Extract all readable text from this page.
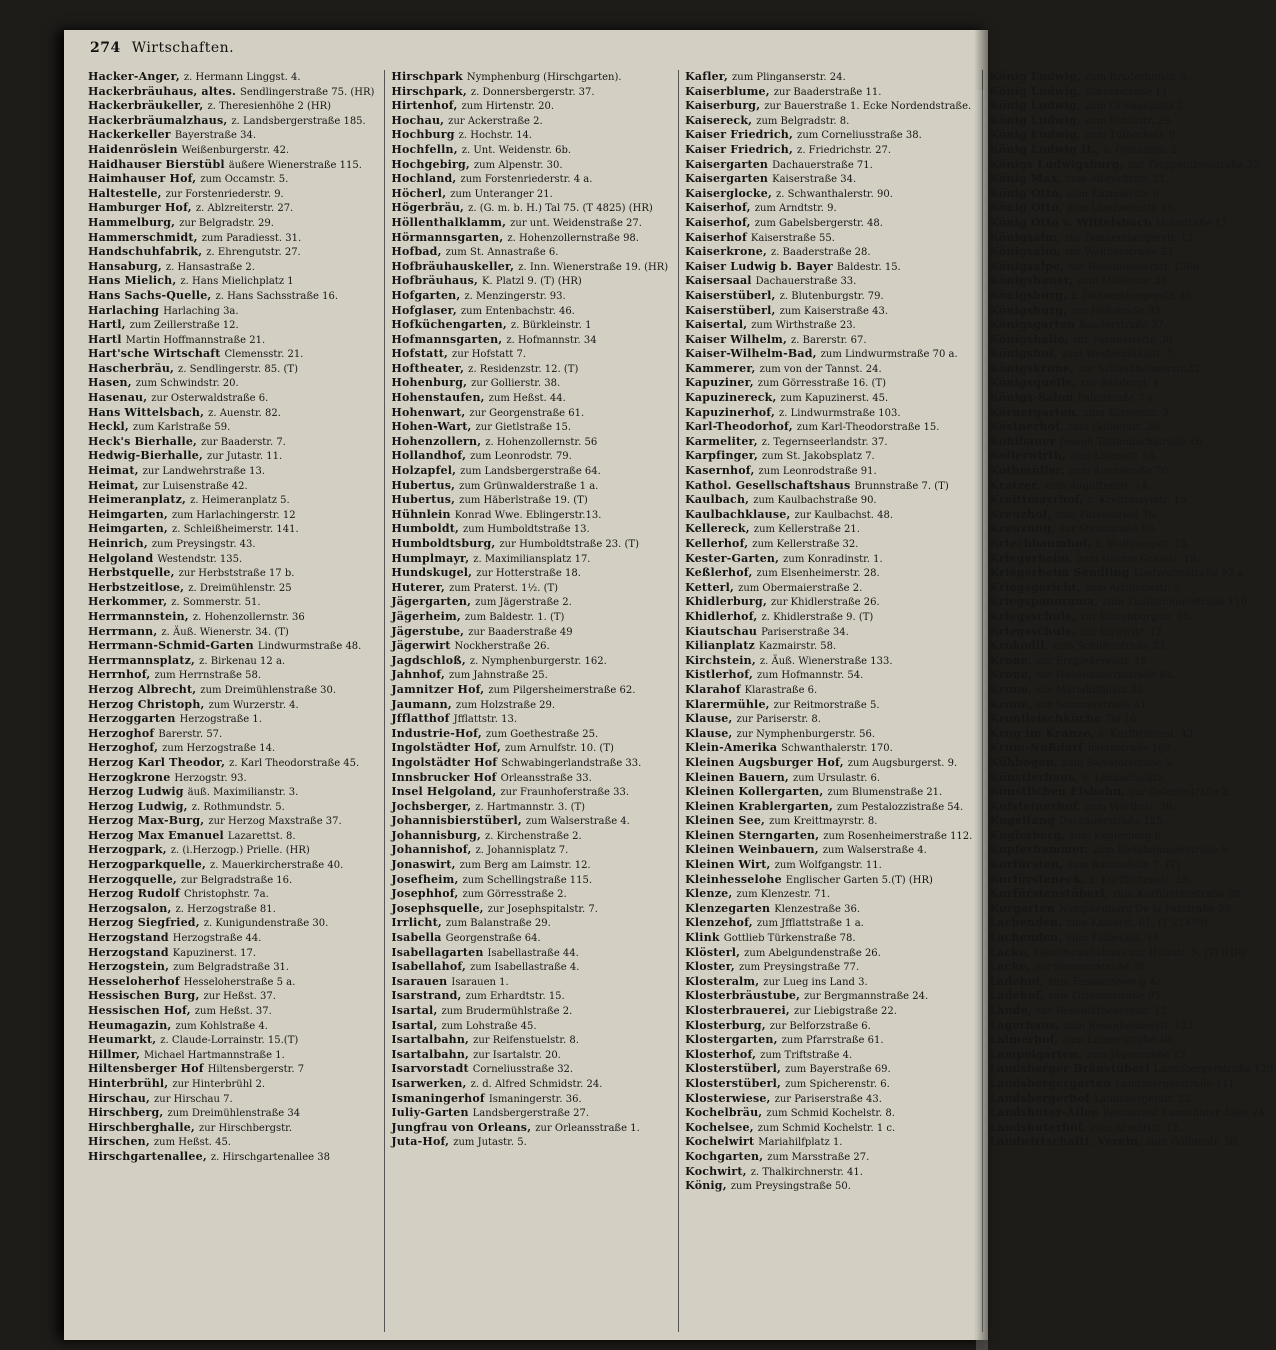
274 Wirtschaften.
Hacker-Anger, z. Hermann Linggst. 4.
Hackerbräuhaus, altes. Sendlingerstraße 75. (HR)
Hackerbräukeller, z. Theresienhöhe 2 (HR)
Hackerbräumalzhaus, z. Landsbergerstraße 185.
Hackerkeller Bayerstraße 34.
Haidenröslein Weißenburgerstr. 42.
Haidhauser Bierstübl äußere Wienerstraße 115.
Haimhauser Hof, zum Occamstr. 5.
Haltestelle, zur Forstenriederstr. 9.
Hamburger Hof, z. Ablzreiterstr. 27.
Hammelburg, zur Belgradstr. 29.
Hammerschmidt, zum Paradiesst. 31.
Handschuhfabrik, z. Ehrengutstr. 27.
Hansaburg, z. Hansastraße 2.
Hans Mielich, z. Hans Mielichplatz 1
Hans Sachs-Quelle, z. Hans Sachsstraße 16.
Harlaching Harlaching 3a.
Hartl, zum Zeillerstraße 12.
Hartl Martin Hoffmannstraße 21.
Hart'sche Wirtschaft Clemensstr. 21.
Hascherbräu, z. Sendlingerstr. 85. (T)
Hasen, zum Schwindstr. 20.
Hasenau, zur Osterwaldstraße 6.
Hans Wittelsbach, z. Auenstr. 82.
Heckl, zum Karlstraße 59.
Heck's Bierhalle, zur Baaderstr. 7.
Hedwig-Bierhalle, zur Jutastr. 11.
Heimat, zur Landwehrstraße 13.
Heimat, zur Luisenstraße 42.
Heimeranplatz, z. Heimeranplatz 5.
Heimgarten, zum Harlachingerstr. 12
Heimgarten, z. Schleißheimerstr. 141.
Heinrich, zum Preysingstr. 43.
Helgoland Westendstr. 135.
Herbstquelle, zur Herbststraße 17 b.
Herbstzeitlose, z. Dreimühlenstr. 25
Herkommer, z. Sommerstr. 51.
Herrmannstein, z. Hohenzollernstr. 36
Herrmann, z. Äuß. Wienerstr. 34. (T)
Herrmann-Schmid-Garten Lindwurmstraße 48.
Herrmannsplatz, z. Birkenau 12 a.
Herrnhof, zum Herrnstraße 58.
Herzog Albrecht, zum Dreimühlenstraße 30.
Herzog Christoph, zum Wurzerstr. 4.
Herzoggarten Herzogstraße 1.
Herzoghof Barerstr. 57.
Herzoghof, zum Herzogstraße 14.
Herzog Karl Theodor, z. Karl Theodorstraße 45.
Herzogkrone Herzogstr. 93.
Herzog Ludwig äuß. Maximilianstr. 3.
Herzog Ludwig, z. Rothmundstr. 5.
Herzog Max-Burg, zur Herzog Maxstraße 37.
Herzog Max Emanuel Lazarettst. 8.
Herzogpark, z. (i.Herzogp.) Prielle. (HR)
Herzogparkquelle, z. Mauerkircherstraße 40.
Herzogquelle, zur Belgradstraße 16.
Herzog Rudolf Christophstr. 7a.
Herzogsalon, z. Herzogstraße 81.
Herzog Siegfried, z. Kunigundenstraße 30.
Herzogstand Herzogstraße 44.
Herzogstand Kapuzinerst. 17.
Herzogstein, zum Belgradstraße 31.
Hesseloherhof Hesseloherstraße 5 a.
Hessischen Burg, zur Heßst. 37.
Hessischen Hof, zum Heßst. 37.
Heumagazin, zum Kohlstraße 4.
Heumarkt, z. Claude-Lorrainstr. 15.(T)
Hillmer, Michael Hartmannstraße 1.
Hiltensberger Hof Hiltensbergerstr. 7
Hinterbrühl, zur Hinterbrühl 2.
Hirschau, zur Hirschau 7.
Hirschberg, zum Dreimühlenstraße 34
Hirschberghalle, zur Hirschbergstr.
Hirschen, zum Heßst. 45.
Hirschgartenallee, z. Hirschgartenallee 38
Hirschpark Nymphenburg (Hirschgarten).
Hirschpark, z. Donnersbergerstr. 37.
Hirtenhof, zum Hirtenstr. 20.
Hochau, zur Ackerstraße 2.
Hochburg z. Hochstr. 14.
Hochfelln, z. Unt. Weidenstr. 6b.
Hochgebirg, zum Alpenstr. 30.
Hochland, zum Forstenriederstr. 4 a.
Höcherl, zum Unteranger 21.
Högerbräu, z. (G. m. b. H.) Tal 75. (T 4825) (HR)
Höllenthalklamm, zur unt. Weidenstraße 27.
Hörmannsgarten, z. Hohenzollernstraße 98.
Hofbad, zum St. Annastraße 6.
Hofbräuhauskeller, z. Inn. Wienerstraße 19. (HR)
Hofbräuhaus, K. Platzl 9. (T) (HR)
Hofgarten, z. Menzingerstr. 93.
Hofglaser, zum Entenbachstr. 46.
Hofküchengarten, z. Bürkleinstr. 1
Hofmannsgarten, z. Hofmannstr. 34
Hofstatt, zur Hofstatt 7.
Hoftheater, z. Residenzstr. 12. (T)
Hohenburg, zur Gollierstr. 38.
Hohenstaufen, zum Heßst. 44.
Hohenwart, zur Georgenstraße 61.
Hohen-Wart, zur Gietlstraße 15.
Hohenzollern, z. Hohenzollernstr. 56
Hollandhof, zum Leonrodstr. 79.
Holzapfel, zum Landsbergerstraße 64.
Hubertus, zum Grünwalderstraße 1 a.
Hubertus, zum Häberlstraße 19. (T)
Hühnlein Konrad Wwe. Eblingerstr.13.
Humboldt, zum Humboldtstraße 13.
Humboldtsburg, zur Humboldtstraße 23. (T)
Humplmayr, z. Maximiliansplatz 17.
Hundskugel, zur Hotterstraße 18.
Huterer, zum Praterst. 1½. (T)
Jägergarten, zum Jägerstraße 2.
Jägerheim, zum Baldestr. 1. (T)
Jägerstube, zur Baaderstraße 49
Jägerwirt Nockherstraße 26.
Jagdschloß, z. Nymphenburgerstr. 162.
Jahnhof, zum Jahnstraße 25.
Jamnitzer Hof, zum Pilgersheimerstraße 62.
Jaumann, zum Holzstraße 29.
Jfflatthof Jfflattstr. 13.
Industrie-Hof, zum Goethestraße 25.
Ingolstädter Hof, zum Arnulfstr. 10. (T)
Ingolstädter Hof Schwabingerlandstraße 33.
Innsbrucker Hof Orleansstraße 33.
Insel Helgoland, zur Fraunhoferstraße 33.
Jochsberger, z. Hartmannstr. 3. (T)
Johannisbierstüberl, zum Walserstraße 4.
Johannisburg, z. Kirchenstraße 2.
Johannishof, z. Johannisplatz 7.
Jonaswirt, zum Berg am Laimstr. 12.
Josefheim, zum Schellingstraße 115.
Josephhof, zum Görresstraße 2.
Josephsquelle, zur Josephspitalstr. 7.
Irrlicht, zum Balanstraße 29.
Isabella Georgenstraße 64.
Isabellagarten Isabellastraße 44.
Isabellahof, zum Isabellastraße 4.
Isarauen Isarauen 1.
Isarstrand, zum Erhardtstr. 15.
Isartal, zum Brudermühlstraße 2.
Isartal, zum Lohstraße 45.
Isartalbahn, zur Reifenstuelstr. 8.
Isartalbahn, zur Isartalstr. 20.
Isarvorstadt Corneliusstraße 32.
Isarwerken, z. d. Alfred Schmidstr. 24.
Ismaningerhof Ismaningerstr. 36.
Iuliy-Garten Landsbergerstraße 27.
Jungfrau von Orleans, zur Orleansstraße 1.
Juta-Hof, zum Jutastr. 5.
Kafler, zum Plinganserstr. 24.
Kaiserblume, zur Baaderstraße 11.
Kaiserburg, zur Bauerstraße 1. Ecke Nordendstraße.
Kaisereck, zum Belgradstr. 8.
Kaiser Friedrich, zum Corneliusstraße 38.
Kaiser Friedrich, z. Friedrichstr. 27.
Kaisergarten Dachauerstraße 71.
Kaisergarten Kaiserstraße 34.
Kaiserglocke, z. Schwanthalerstr. 90.
Kaiserhof, zum Arndtstr. 9.
Kaiserhof, zum Gabelsbergerstr. 48.
Kaiserhof Kaiserstraße 55.
Kaiserkrone, z. Baaderstraße 28.
Kaiser Ludwig b. Bayer Baldestr. 15.
Kaisersaal Dachauerstraße 33.
Kaiserstüberl, z. Blutenburgstr. 79.
Kaiserstüberl, zum Kaiserstraße 43.
Kaisertal, zum Wirthstraße 23.
Kaiser Wilhelm, z. Barerstr. 67.
Kaiser-Wilhelm-Bad, zum Lindwurmstraße 70 a.
Kammerer, zum von der Tannst. 24.
Kapuziner, zum Görresstraße 16. (T)
Kapuzinereck, zum Kapuzinerst. 45.
Kapuzinerhof, z. Lindwurmstraße 103.
Karl-Theodorhof, zum Karl-Theodorstraße 15.
Karmeliter, z. Tegernseerlandstr. 37.
Karpfinger, zum St. Jakobsplatz 7.
Kasernhof, zum Leonrodstraße 91.
Kathol. Gesellschaftshaus Brunnstraße 7. (T)
Kaulbach, zum Kaulbachstraße 90.
Kaulbachklause, zur Kaulbachst. 48.
Kellereck, zum Kellerstraße 21.
Kellerhof, zum Kellerstraße 32.
Kester-Garten, zum Konradinstr. 1.
Keßlerhof, zum Elsenheimerstr. 28.
Ketterl, zum Obermaierstraße 2.
Khidlerburg, zur Khidlerstraße 26.
Khidlerhof, z. Khidlerstraße 9. (T)
Kiautschau Pariserstraße 34.
Kilianplatz Kazmairstr. 58.
Kirchstein, z. Äuß. Wienerstraße 133.
Kistlerhof, zum Hofmannstr. 54.
Klarahof Klarastraße 6.
Klarermühle, zur Reitmorstraße 5.
Klause, zur Pariserstr. 8.
Klause, zur Nymphenburgerstr. 56.
Klein-Amerika Schwanthalerstr. 170.
Kleinen Augsburger Hof, zum Augsburgerst. 9.
Kleinen Bauern, zum Ursulastr. 6.
Kleinen Kollergarten, zum Blumenstraße 21.
Kleinen Krablergarten, zum Pestalozzistraße 54.
Kleinen See, zum Kreittmayrstr. 8.
Kleinen Sterngarten, zum Rosenheimerstraße 112.
Kleinen Weinbauern, zum Walserstraße 4.
Kleinen Wirt, zum Wolfgangstr. 11.
Kleinhesselohe Englischer Garten 5.(T) (HR)
Klenze, zum Klenzestr. 71.
Klenzegarten Klenzestraße 36.
Klenzehof, zum Jfflattstraße 1 a.
Klink Gottlieb Türkenstraße 78.
Klösterl, zum Abelgundenstraße 26.
Kloster, zum Preysingstraße 77.
Klosteralm, zur Lueg ins Land 3.
Klosterbräustube, zur Bergmannstraße 24.
Klosterbrauerei, zur Liebigstraße 22.
Klosterburg, zur Belforzstraße 6.
Klostergarten, zum Pfarrstraße 61.
Klosterhof, zum Triftstraße 4.
Klosterstüberl, zum Bayerstraße 69.
Klosterstüberl, zum Spicherenstr. 6.
Klosterwiese, zur Pariserstraße 43.
Kochelbräu, zum Schmid Kochelstr. 8.
Kochelsee, zum Schmid Kochelstr. 1 c.
Kochelwirt Mariahilfplatz 1.
Kochgarten, zum Marsstraße 27.
Kochwirt, z. Thalkirchnerstr. 41.
König, zum Preysingstraße 50.
König Ludwig, zum Bruderhofstr. 5.
König Ludwig, Görresstraße 11.
König Ludwig, zum Orleansplatz 2.
König Ludwig, zum Schulstr. 29.
König Ludwig, zum Tulbeckstr. 9.
König Ludwig II., z. Orleanspl. 2.
Königs Ludwigsburg, zur Trappentreustraße 33.
König Max, zum Albrechtstr. 21.
König Otto, zum Kazmairstr. 6.
König Otto, zum Landwehrstr. 16.
König Otto v. Wittelsbach Holzstraße 17.
Königsalm, zur Donnersbergerstr. 12.
Königsalm, zur Waltherstraße 23.
Königsalpe, zur Rosenheimerstr. 136b.
Königsbauer, zum Müllerstr. 28.
Königsburg, z. Donnersbergerstr. 30.
Königsburg, zur Heßstraße 92.
Königsgarten Baaderstraße 37.
Königshalle, zur Fasanerieftr. 30.
Königshof, zum Westermühlstr. 7.
Königskrone, zur Schleißheimerstr.32.
Königsquelle, zur Baaderpl. 4.
Königs-Salon Palmstraße 7 a.
Körnergarten, zum Körnerstr. 3.
Köstnerhof, zum Gollierstr. 30.
Kohlbauer Joseph Tattenbachstraße 16.
Kollerwirth, zum Lilienstr. 54.
Kothmüller, zum Auenstraße 70.
Kratzer, zum Auguftenstr. 14.
Kreittmayrhof, z. Kreittmayrstr. 15.
Kreuzhof, zum Forstenried 76.
Kreuzung, zur Steinstraße 69.
Kriechbaumhof, z. Wolfgangstr. 15.
Kriegerheim, zum Untere Grasstr. 18.
Kriegerheim Sendling Lindwurmstraße 92 a.
Kriegsgericht, zum Artilleriestr. 5.
Kriegspanorama, zum Thalkirchnerstraße 110.
Kriegsschule, zur Blutenburgstr. 30.
Kriegsschule, zur Elvirastr. 12.
Krokodil, zum Schillerstraße 53.
Krone, zur Erzgießereistr. 19.
Krone, zur Hohenzollernstraße 84.
Krone, zur Mariahilfplatz 33.
Krone, zur Sommerstraße 41.
Kronfleischküche Tal 16.
Krug im Kranze, z. Kurfürstenst. 43.
Krum-Nußdorf Balanstraße 109.
Kühbogen, zum Salvatorstraße 5.
Künstlerhaus, z. Lenbachplatz.
Künstlichen Eisbahn, zur Galeriestraße 2.
Kufsteinerhof, zum Wörthstr. 38.
Kugelfang Dachauerstraße 125.
Kuglerberg, zum Kuglerberg 6.
Kupferhammer, zum Rieblhammerstraße 5.
Kurfürsten, zum Ramboßstr. 7. (T)
Kurfürsteneck, z. Kurfürstenstr. 39.
Kurfürstenstüberl, zum Kurfürstenstraße 38.
Kurgarten Nymphenburg De la Pazstraße 35.
Lachenden, zum Kaiserst. 61. (T 21479)
Lachenden, zum Tulbeckst. 14.
Lacke, Gesellschaftshaus zur Holzstr. 9. (T) (HR)
Lacke, zur Sommerstraße 36.
Ladehof, zum Fasaneriewe g 4a.
Ladehof, zum Orleansstraße 95.
Lände, zur Benediktbeurerstr. 12.
Lagerhaus, zum Rosenheimerstr. 123.
Laimerhof, zum Laimerstraße 40.
Lampelgarten, zum Jägerstraße 13.
Landsberger Bräustüberl Landsbergerstraße 129.
Landsbergergarten Landsbergerstraße 111.
Landsbergerhof Landsbergerstr. 22.
Landshuter-Allee Restaurant Landshuter Allee 24.
Landshuterhof, zum Arnulfstr. 12.
Landwirtschaftl. Verein, zum Gollierstr. 20.
